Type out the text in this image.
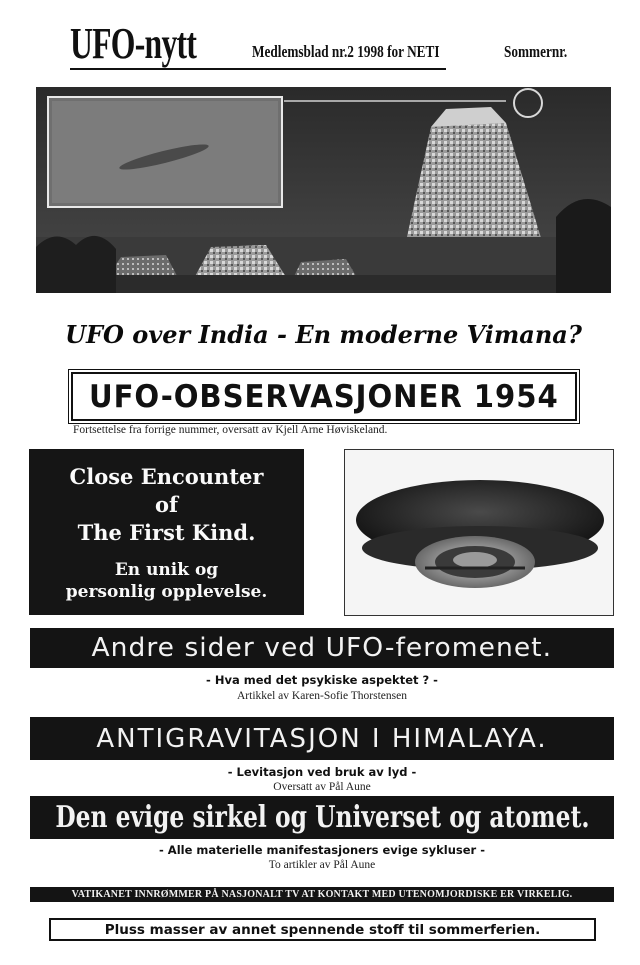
UFO-nytt	Medlemsblad nr.2 1998 for NETI	Sommernr.
UFO over India - En moderne Vimana?
UFO-OBSERVASJONER 1954
Fortsettelse fra forrige nummer, oversatt av Kjell Arne Høviskeland.
Close Encounter
of
The First Kind.
En unik og
personlig opplevelse.
Andre sider ved UFO-feromenet.
- Hva med det psykiske aspektet ? -
Artikkel av Karen-Sofie Thorstensen
ANTIGRAVITASJON I HIMALAYA.
- Levitasjon ved bruk av lyd -
Oversatt av Pål Aune
Den evige sirkel og Universet og atomet.
- Alle materielle manifestasjoners evige sykluser -
To artikler av Pål Aune
VATIKANET INNRØMMER PÅ NASJONALT TV AT KONTAKT MED UTENOMJORDISKE ER VIRKELIG.
Pluss masser av annet spennende stoff til sommerferien.
